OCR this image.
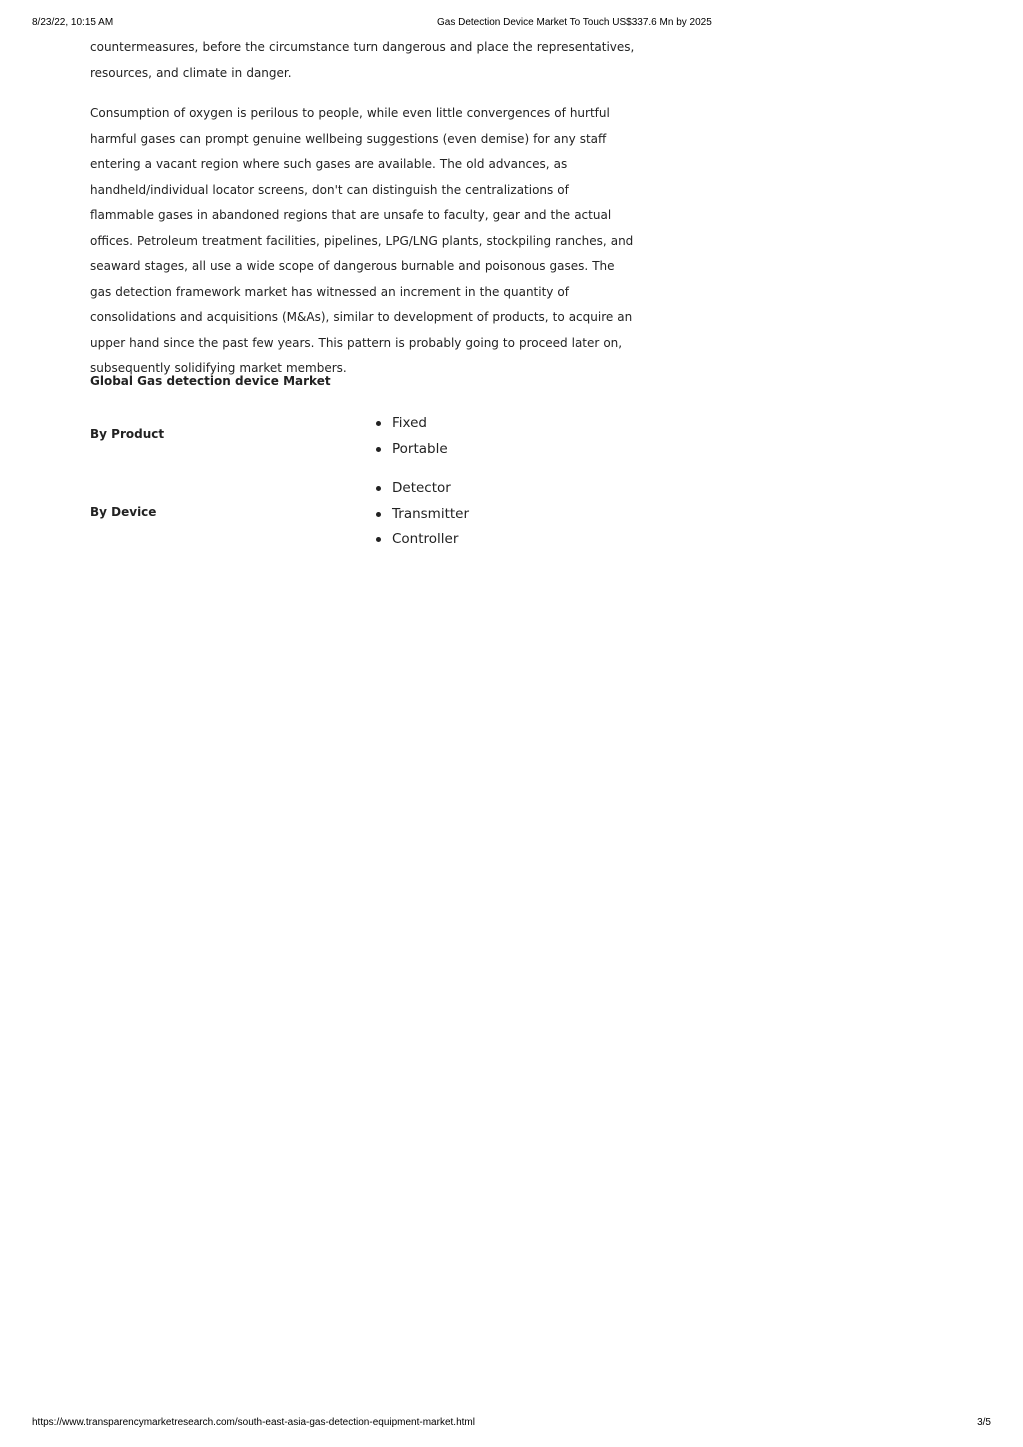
8/23/22, 10:15 AM	Gas Detection Device Market To Touch US$337.6 Mn by 2025

countermeasures, before the circumstance turn dangerous and place the representatives, resources, and climate in danger.

Consumption of oxygen is perilous to people, while even little convergences of hurtful harmful gases can prompt genuine wellbeing suggestions (even demise) for any staff entering a vacant region where such gases are available. The old advances, as handheld/individual locator screens, don't can distinguish the centralizations of flammable gases in abandoned regions that are unsafe to faculty, gear and the actual offices. Petroleum treatment facilities, pipelines, LPG/LNG plants, stockpiling ranches, and seaward stages, all use a wide scope of dangerous burnable and poisonous gases. The gas detection framework market has witnessed an increment in the quantity of consolidations and acquisitions (M&As), similar to development of products, to acquire an upper hand since the past few years. This pattern is probably going to proceed later on, subsequently solidifying market members.

Global Gas detection device Market
By Product
Fixed
Portable
By Device
Detector
Transmitter
Controller
https://www.transparencymarketresearch.com/south-east-asia-gas-detection-equipment-market.html	3/5
